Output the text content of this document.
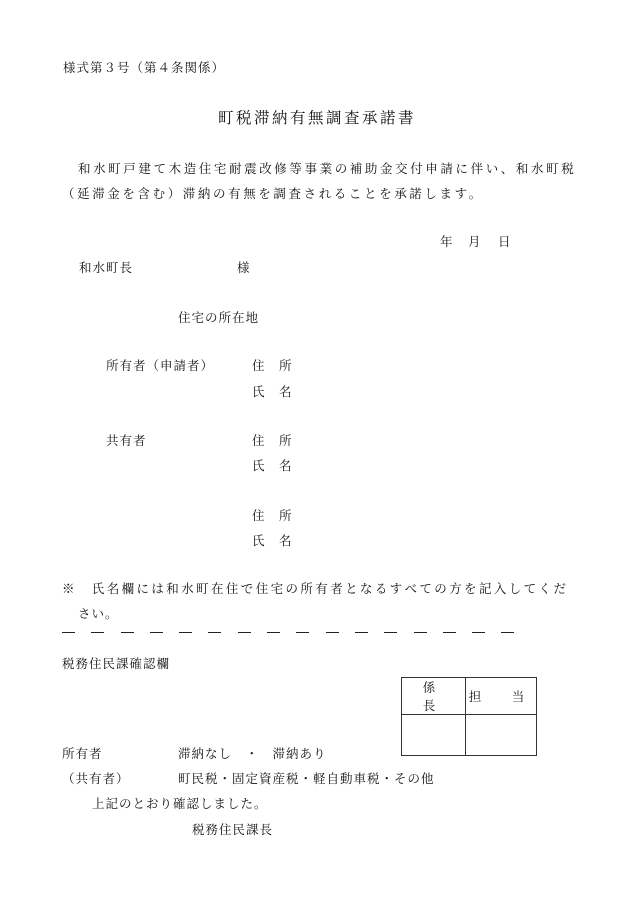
様式第３号（第４条関係）
町税滞納有無調査承諾書
和水町戸建て木造住宅耐震改修等事業の補助金交付申請に伴い、和水町税
（延滞金を含む）滞納の有無を調査されることを承諾します。
年 月 日
和水町長	様
住宅の所在地
所有者（申請者）	住　所
氏　名
共有者	住　所
氏　名
住　所
氏　名
※　氏名欄には和水町在住で住宅の所有者となるすべての方を記入してくだ
さい。
税務住民課確認欄
係　長	担　当

所有者	滞納なし　・　滞納あり
（共有者）	町民税・固定資産税・軽自動車税・その他
上記のとおり確認しました。
税務住民課長
